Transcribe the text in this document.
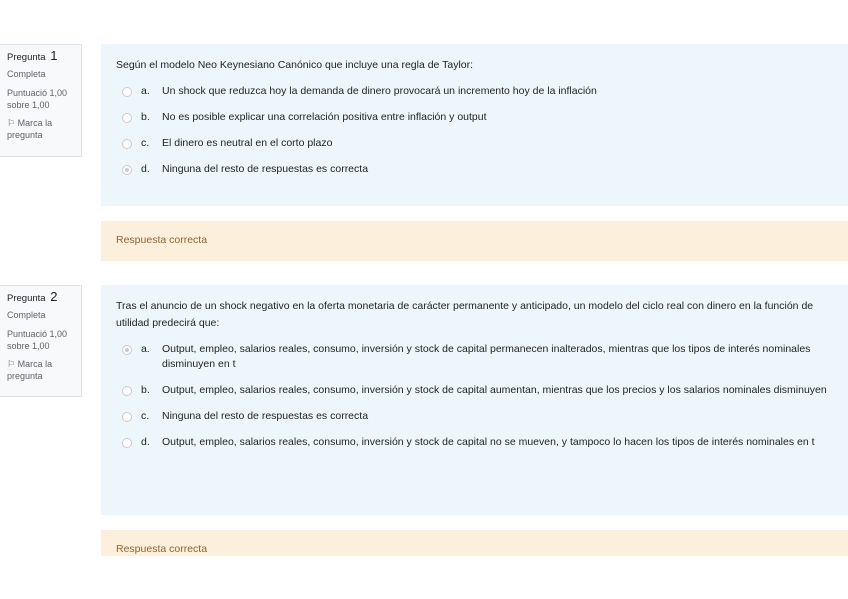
Pregunta 1
Completa
Puntuació 1,00 sobre 1,00
⚐ Marca la pregunta
Según el modelo Neo Keynesiano Canónico que incluye una regla de Taylor:
a.	Un shock que reduzca hoy la demanda de dinero provocará un incremento hoy de la inflación
b.	No es posible explicar una correlación positiva entre inflación y output
c.	El dinero es neutral en el corto plazo
d.	Ninguna del resto de respuestas es correcta
Respuesta correcta
Pregunta 2
Completa
Puntuació 1,00 sobre 1,00
⚐ Marca la pregunta
Tras el anuncio de un shock negativo en la oferta monetaria de carácter permanente y anticipado, un modelo del ciclo real con dinero en la función de utilidad predecirá que:
a.	Output, empleo, salarios reales, consumo, inversión y stock de capital permanecen inalterados, mientras que los tipos de interés nominales disminuyen en t
b.	Output, empleo, salarios reales, consumo, inversión y stock de capital aumentan, mientras que los precios y los salarios nominales disminuyen
c.	Ninguna del resto de respuestas es correcta
d.	Output, empleo, salarios reales, consumo, inversión y stock de capital no se mueven, y tampoco lo hacen los tipos de interés nominales en t
Respuesta correcta
